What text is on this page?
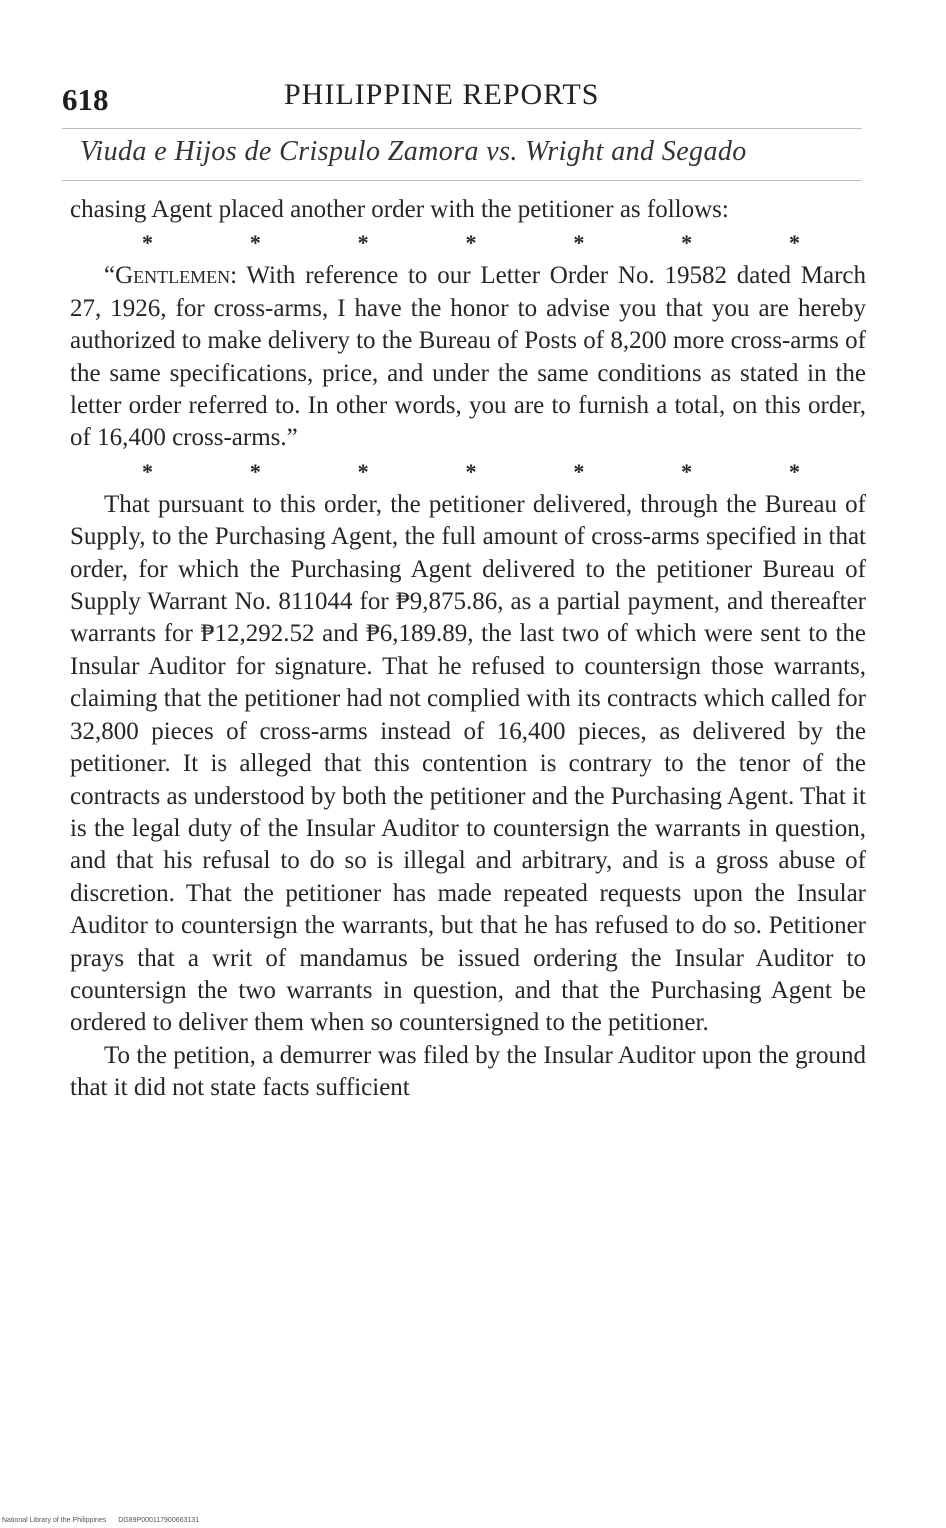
618	PHILIPPINE REPORTS
Viuda e Hijos de Crispulo Zamora vs. Wright and Segado

chasing Agent placed another order with the petitioner as follows:

*	*	*	*	*	*	*

“Gentlemen: With reference to our Letter Order No. 19582 dated March 27, 1926, for cross-arms, I have the honor to advise you that you are hereby authorized to make delivery to the Bureau of Posts of 8,200 more cross-arms of the same specifications, price, and under the same conditions as stated in the letter order referred to. In other words, you are to furnish a total, on this order, of 16,400 cross-arms.”

*	*	*	*	*	*	*

That pursuant to this order, the petitioner delivered, through the Bureau of Supply, to the Purchasing Agent, the full amount of cross-arms specified in that order, for which the Purchasing Agent delivered to the petitioner Bureau of Supply Warrant No. 811044 for ₱9,875.86, as a partial payment, and thereafter warrants for ₱12,292.52 and ₱6,189.89, the last two of which were sent to the Insular Auditor for signature. That he refused to countersign those warrants, claiming that the petitioner had not complied with its contracts which called for 32,800 pieces of cross-arms instead of 16,400 pieces, as delivered by the petitioner. It is alleged that this contention is contrary to the tenor of the contracts as understood by both the petitioner and the Purchasing Agent. That it is the legal duty of the Insular Auditor to countersign the warrants in question, and that his refusal to do so is illegal and arbitrary, and is a gross abuse of discretion. That the petitioner has made repeated requests upon the Insular Auditor to countersign the warrants, but that he has refused to do so. Petitioner prays that a writ of mandamus be issued ordering the Insular Auditor to countersign the two warrants in question, and that the Purchasing Agent be ordered to deliver them when so countersigned to the petitioner.

To the petition, a demurrer was filed by the Insular Auditor upon the ground that it did not state facts sufficient

National Library of the Philippines DG89P000117900663131
